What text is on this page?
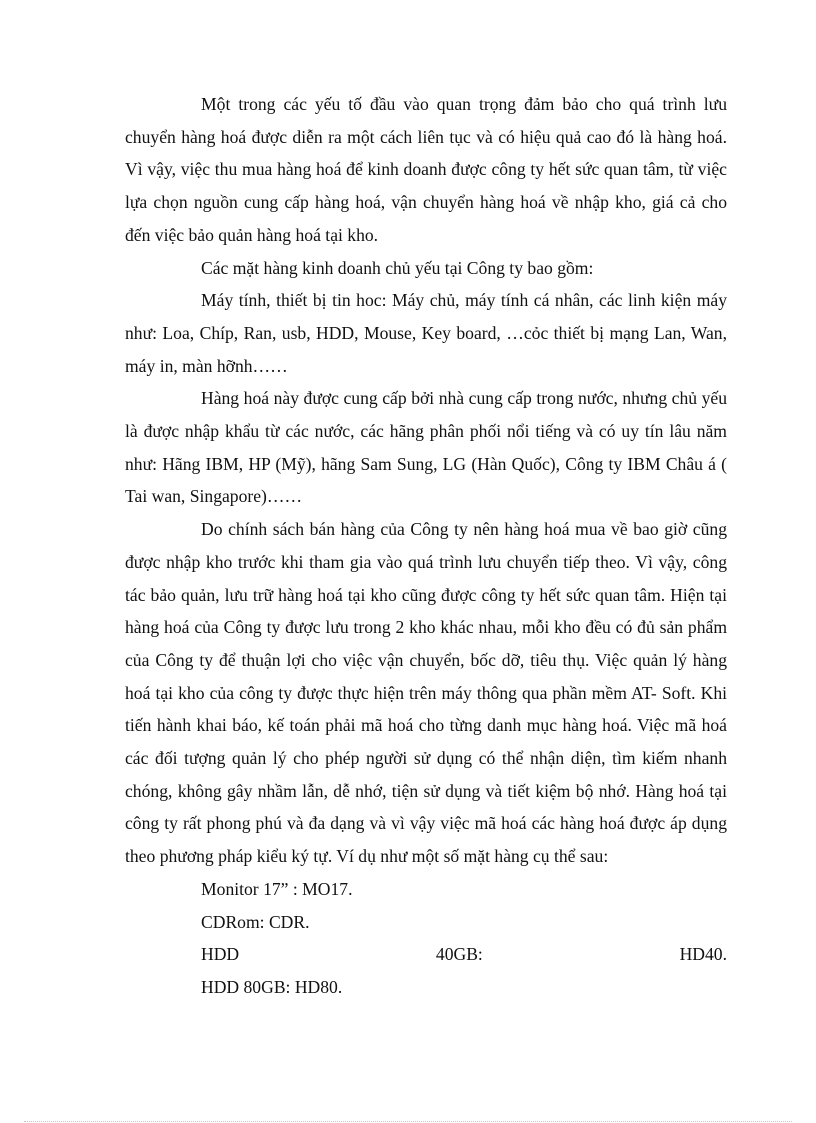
Một trong các yếu tố đầu vào quan trọng đảm bảo cho quá trình lưu chuyển hàng hoá được diễn ra một cách liên tục và có hiệu quả cao đó là hàng hoá. Vì vậy, việc thu mua hàng hoá để kinh doanh được công ty hết sức quan tâm, từ việc lựa chọn nguồn cung cấp hàng hoá, vận chuyển hàng hoá về nhập kho, giá cả cho đến việc bảo quản hàng hoá tại kho.

Các mặt hàng kinh doanh chủ yếu tại Công ty bao gồm:

Máy tính, thiết bị tin hoc: Máy chủ, máy tính cá nhân, các linh kiện máy như: Loa, Chíp, Ran, usb, HDD, Mouse, Key board, …cỏc thiết bị mạng Lan, Wan, máy in, màn hỡnh……

Hàng hoá này được cung cấp bởi nhà cung cấp trong nước, nhưng chủ yếu là được nhập khẩu từ các nước, các hãng phân phối nổi tiếng và có uy tín lâu năm như: Hãng IBM, HP (Mỹ), hãng Sam Sung, LG (Hàn Quốc), Công ty IBM Châu á ( Tai wan, Singapore)……

Do chính sách bán hàng của Công ty nên hàng hoá mua về bao giờ cũng được nhập kho trước khi tham gia vào quá trình lưu chuyển tiếp theo. Vì vậy, công tác bảo quản, lưu trữ hàng hoá tại kho cũng được công ty hết sức quan tâm. Hiện tại hàng hoá của Công ty được lưu trong 2 kho khác nhau, mỗi kho đều có đủ sản phẩm của Công ty để thuận lợi cho việc vận chuyển, bốc dỡ, tiêu thụ. Việc quản lý hàng hoá tại kho của công ty được thực hiện trên máy thông qua phần mềm AT- Soft. Khi tiến hành khai báo, kế toán phải mã hoá cho từng danh mục hàng hoá. Việc mã hoá các đối tượng quản lý cho phép người sử dụng có thể nhận diện, tìm kiếm nhanh chóng, không gây nhầm lẫn, dễ nhớ, tiện sử dụng và tiết kiệm bộ nhớ. Hàng hoá tại công ty rất phong phú và đa dạng và vì vậy việc mã hoá các hàng hoá được áp dụng theo phương pháp kiểu ký tự. Ví dụ như một số mặt hàng cụ thể sau:

Monitor 17” : MO17.

CDRom: CDR.

HDD	40GB:	HD40.

HDD 80GB: HD80.
